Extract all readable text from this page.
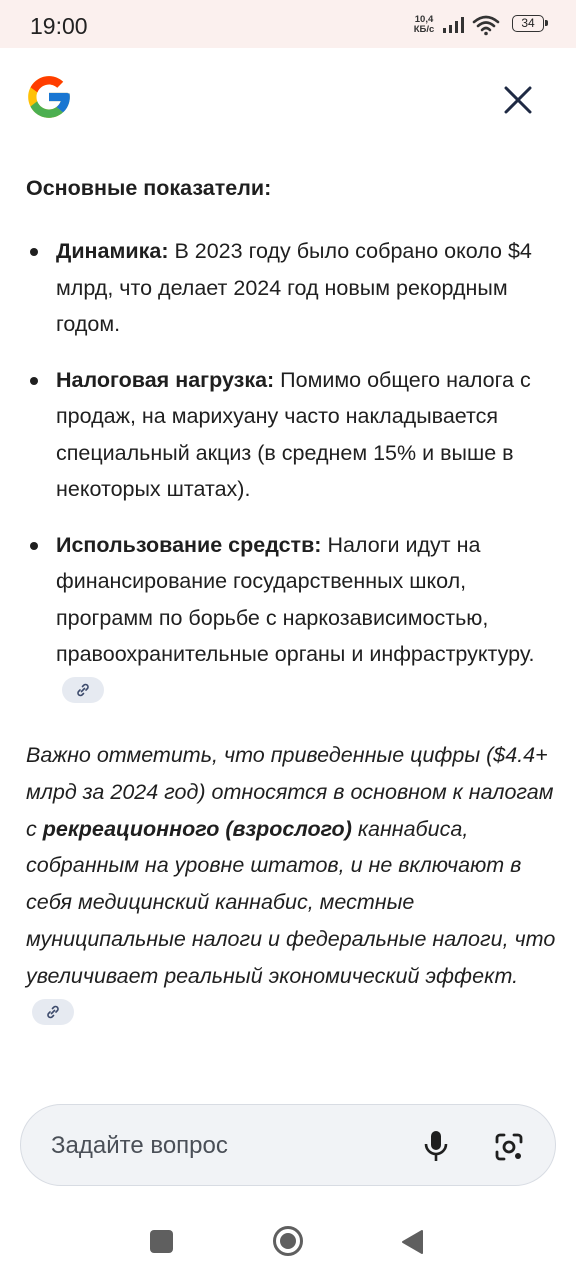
19:00	10,4
КБ/с	34
Основные показатели:
Динамика: В 2023 году было собрано около $4 млрд, что делает 2024 год новым рекордным годом.
Налоговая нагрузка: Помимо общего налога с продаж, на марихуану часто накладывается специальный акциз (в среднем 15% и выше в некоторых штатах).
Использование средств: Налоги идут на финансирование государственных школ, программ по борьбе с наркозависимостью, правоохранительные органы и инфраструктуру.
Важно отметить, что приведенные цифры ($4.4+ млрд за 2024 год) относятся в основном к налогам с рекреационного (взрослого) каннабиса, собранным на уровне штатов, и не включают в себя медицинский каннабис, местные муниципальные налоги и федеральные налоги, что увеличивает реальный экономический эффект.
Задайте вопрос
